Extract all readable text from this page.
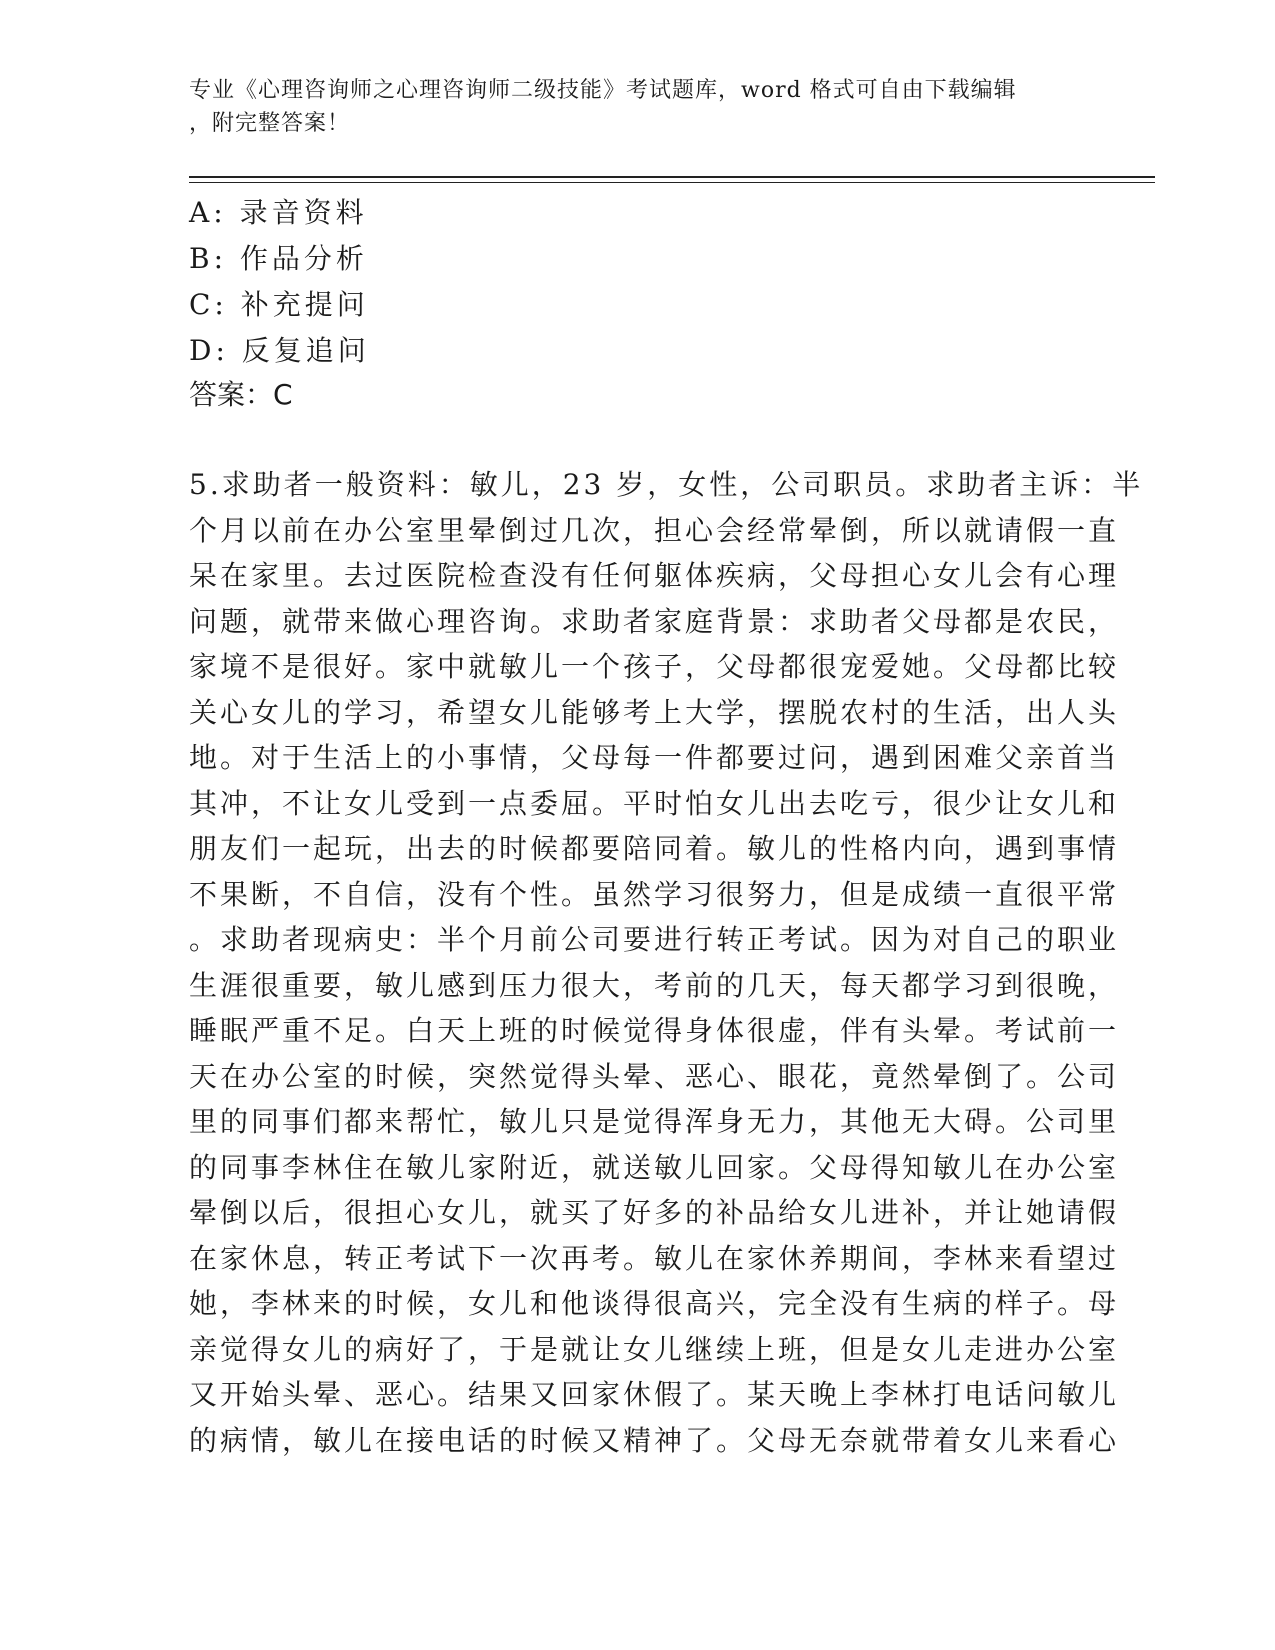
专业《心理咨询师之心理咨询师二级技能》考试题库，word 格式可自由下载编辑
，附完整答案！
A: 录音资料
B: 作品分析
C: 补充提问
D: 反复追问
答案：C
5.求助者一般资料：敏儿，23 岁，女性，公司职员。求助者主诉：半
个月以前在办公室里晕倒过几次，担心会经常晕倒，所以就请假一直
呆在家里。去过医院检查没有任何躯体疾病，父母担心女儿会有心理
问题，就带来做心理咨询。求助者家庭背景：求助者父母都是农民，
家境不是很好。家中就敏儿一个孩子，父母都很宠爱她。父母都比较
关心女儿的学习，希望女儿能够考上大学，摆脱农村的生活，出人头
地。对于生活上的小事情，父母每一件都要过问，遇到困难父亲首当
其冲，不让女儿受到一点委屈。平时怕女儿出去吃亏，很少让女儿和
朋友们一起玩，出去的时候都要陪同着。敏儿的性格内向，遇到事情
不果断，不自信，没有个性。虽然学习很努力，但是成绩一直很平常
。求助者现病史：半个月前公司要进行转正考试。因为对自己的职业
生涯很重要，敏儿感到压力很大，考前的几天，每天都学习到很晚，
睡眠严重不足。白天上班的时候觉得身体很虚，伴有头晕。考试前一
天在办公室的时候，突然觉得头晕、恶心、眼花，竟然晕倒了。公司
里的同事们都来帮忙，敏儿只是觉得浑身无力，其他无大碍。公司里
的同事李林住在敏儿家附近，就送敏儿回家。父母得知敏儿在办公室
晕倒以后，很担心女儿，就买了好多的补品给女儿进补，并让她请假
在家休息，转正考试下一次再考。敏儿在家休养期间，李林来看望过
她，李林来的时候，女儿和他谈得很高兴，完全没有生病的样子。母
亲觉得女儿的病好了，于是就让女儿继续上班，但是女儿走进办公室
又开始头晕、恶心。结果又回家休假了。某天晚上李林打电话问敏儿
的病情，敏儿在接电话的时候又精神了。父母无奈就带着女儿来看心
